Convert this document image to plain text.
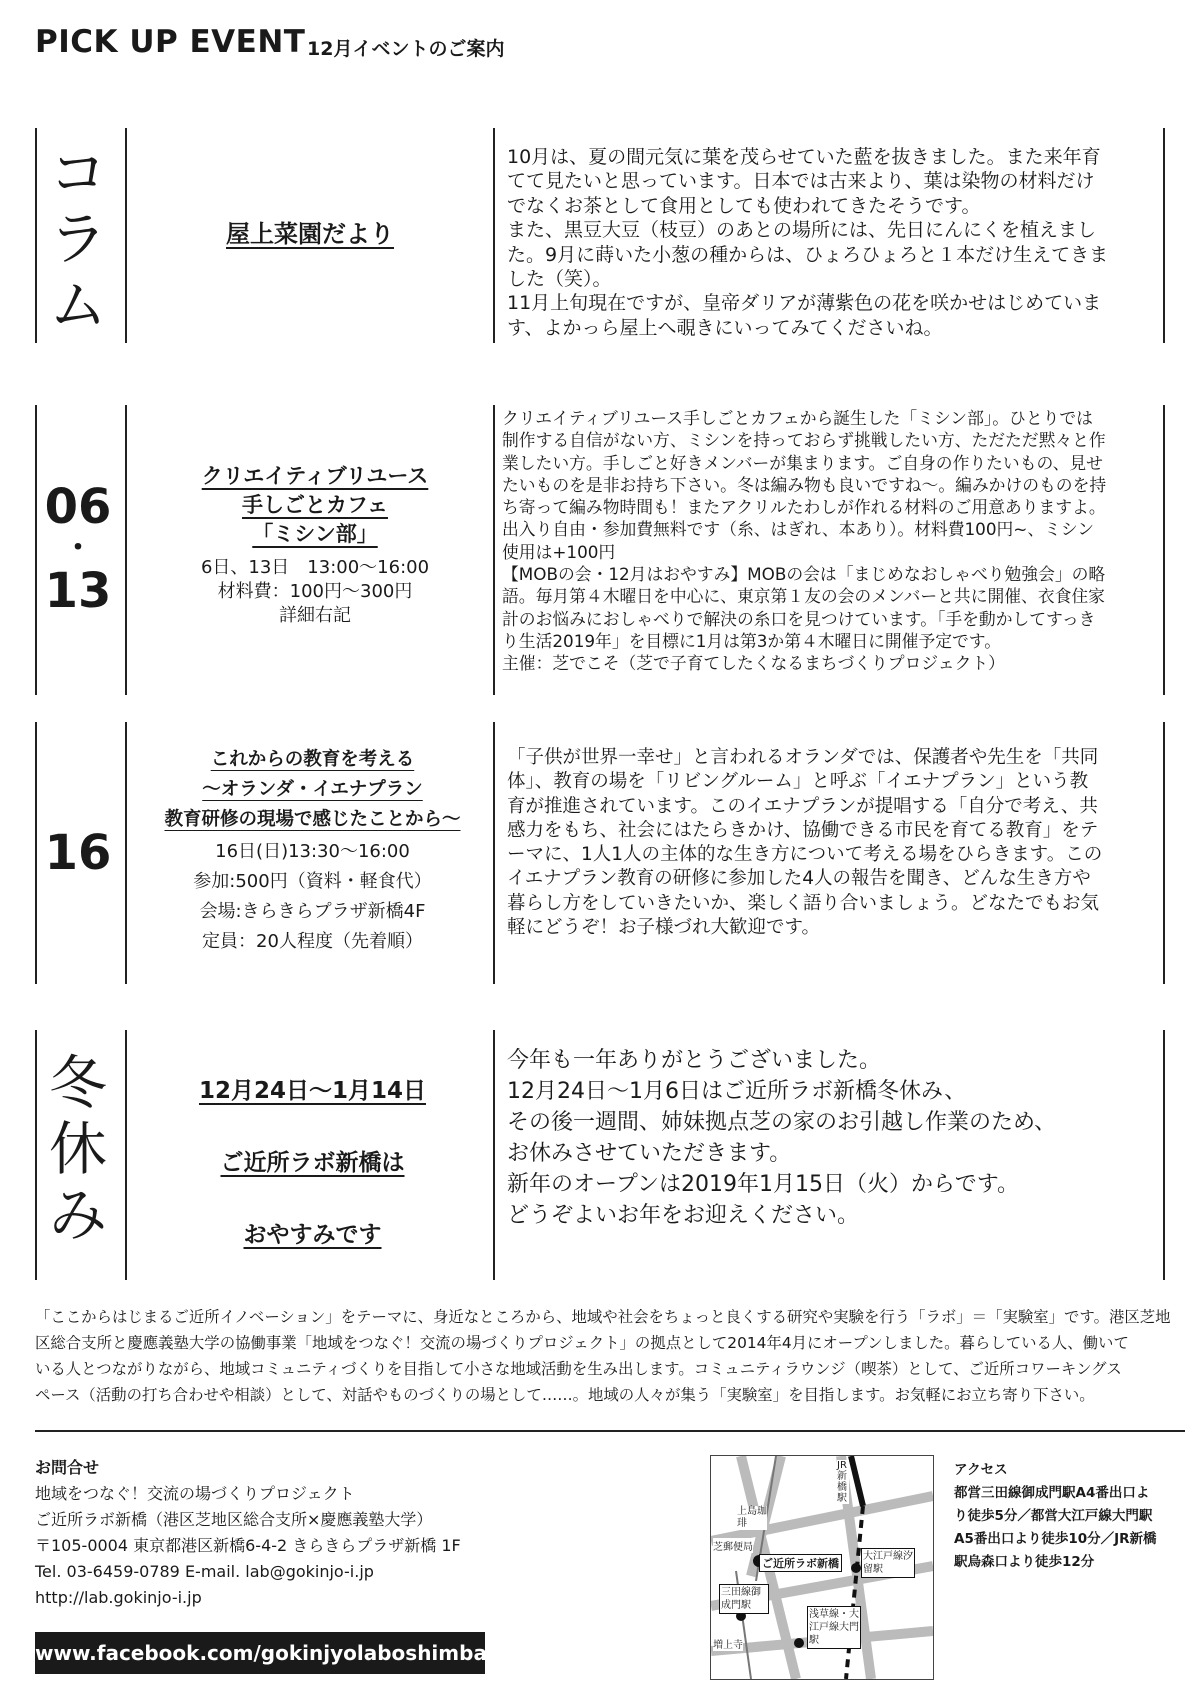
PICK UP EVENT 12月イベントのご案内
コ
ラ
ム
屋上菜園だより

10月は、夏の間元気に葉を茂らせていた藍を抜きました。また来年育

てて見たいと思っています。日本では古来より、葉は染物の材料だけ

でなくお茶として食用としても使われてきたそうです。

また、黒豆大豆（枝豆）のあとの場所には、先日にんにくを植えまし

た。9月に蒔いた小葱の種からは、ひょろひょろと１本だけ生えてきま

した（笑）。

11月上旬現在ですが、皇帝ダリアが薄紫色の花を咲かせはじめていま

す、よかっら屋上へ覗きにいってみてくださいね。

06
・
13
クリエイティブリユース
手しごとカフェ
「ミシン部」
6日、13日　13:00〜16:00
材料費：100円〜300円
詳細右記

クリエイティブリユース手しごとカフェから誕生した「ミシン部」。ひとりでは

制作する自信がない方、ミシンを持っておらず挑戦したい方、ただただ黙々と作

業したい方。手しごと好きメンバーが集まります。ご自身の作りたいもの、見せ

たいものを是非お持ち下さい。冬は編み物も良いですね〜。編みかけのものを持

ち寄って編み物時間も！またアクリルたわしが作れる材料のご用意ありますよ。

出入り自由・参加費無料です（糸、はぎれ、本あり）。材料費100円~、ミシン

使用は+100円

【MOBの会・12月はおやすみ】MOBの会は「まじめなおしゃべり勉強会」の略

語。毎月第４木曜日を中心に、東京第１友の会のメンバーと共に開催、衣食住家

計のお悩みにおしゃべりで解決の糸口を見つけています。「手を動かしてすっき

り生活2019年」を目標に1月は第3か第４木曜日に開催予定です。

主催：芝でこそ（芝で子育てしたくなるまちづくりプロジェクト）

16
これからの教育を考える
〜オランダ・イエナプラン
教育研修の現場で感じたことから〜
16日(日)13:30〜16:00
参加:500円（資料・軽食代）
会場:きらきらプラザ新橋4F
定員：20人程度（先着順）

「子供が世界一幸せ」と言われるオランダでは、保護者や先生を「共同

体」、教育の場を「リビングルーム」と呼ぶ「イエナプラン」という教

育が推進されています。このイエナプランが提唱する「自分で考え、共

感力をもち、社会にはたらきかけ、協働できる市民を育てる教育」をテ

ーマに、1人1人の主体的な生き方について考える場をひらきます。この

イエナプラン教育の研修に参加した4人の報告を聞き、どんな生き方や

暮らし方をしていきたいか、楽しく語り合いましょう。どなたでもお気

軽にどうぞ！お子様づれ大歓迎です。

冬
休
み
12月24日〜1月14日
ご近所ラボ新橋は
おやすみです

今年も一年ありがとうございました。

12月24日〜1月6日はご近所ラボ新橋冬休み、

その後一週間、姉妹拠点芝の家のお引越し作業のため、

お休みさせていただきます。

新年のオープンは2019年1月15日（火）からです。

どうぞよいお年をお迎えください。

「ここからはじまるご近所イノベーション」をテーマに、身近なところから、地域や社会をちょっと良くする研究や実験を行う「ラボ」＝「実験室」です。港区芝地
区総合支所と慶應義塾大学の協働事業「地域をつなぐ！交流の場づくりプロジェクト」の拠点として2014年4月にオープンしました。暮らしている人、働いて
いる人とつながりながら、地域コミュニティづくりを目指して小さな地域活動を生み出します。コミュニティラウンジ（喫茶）として、ご近所コワーキングス
ペース（活動の打ち合わせや相談）として、対話やものづくりの場として……。地域の人々が集う「実験室」を目指します。お気軽にお立ち寄り下さい。
お問合せ
地域をつなぐ！交流の場づくりプロジェクト
ご近所ラボ新橋（港区芝地区総合支所×慶應義塾大学）
〒105-0004 東京都港区新橋6-4-2 きらきらプラザ新橋 1F
Tel. 03-6459-0789 E-mail. lab@gokinjo-i.jp
http://lab.gokinjo-i.jp
www.facebook.com/gokinjyolaboshimbashi
JR新橋駅
上島珈琲
芝郵便局
ご近所ラボ新橋
大江戸線汐留駅
三田線御成門駅
浅草線・大江戸線大門駅
増上寺
アクセス
都営三田線御成門駅A4番出口よ
り徒歩5分／都営大江戸線大門駅
A5番出口より徒歩10分／JR新橋
駅烏森口より徒歩12分
